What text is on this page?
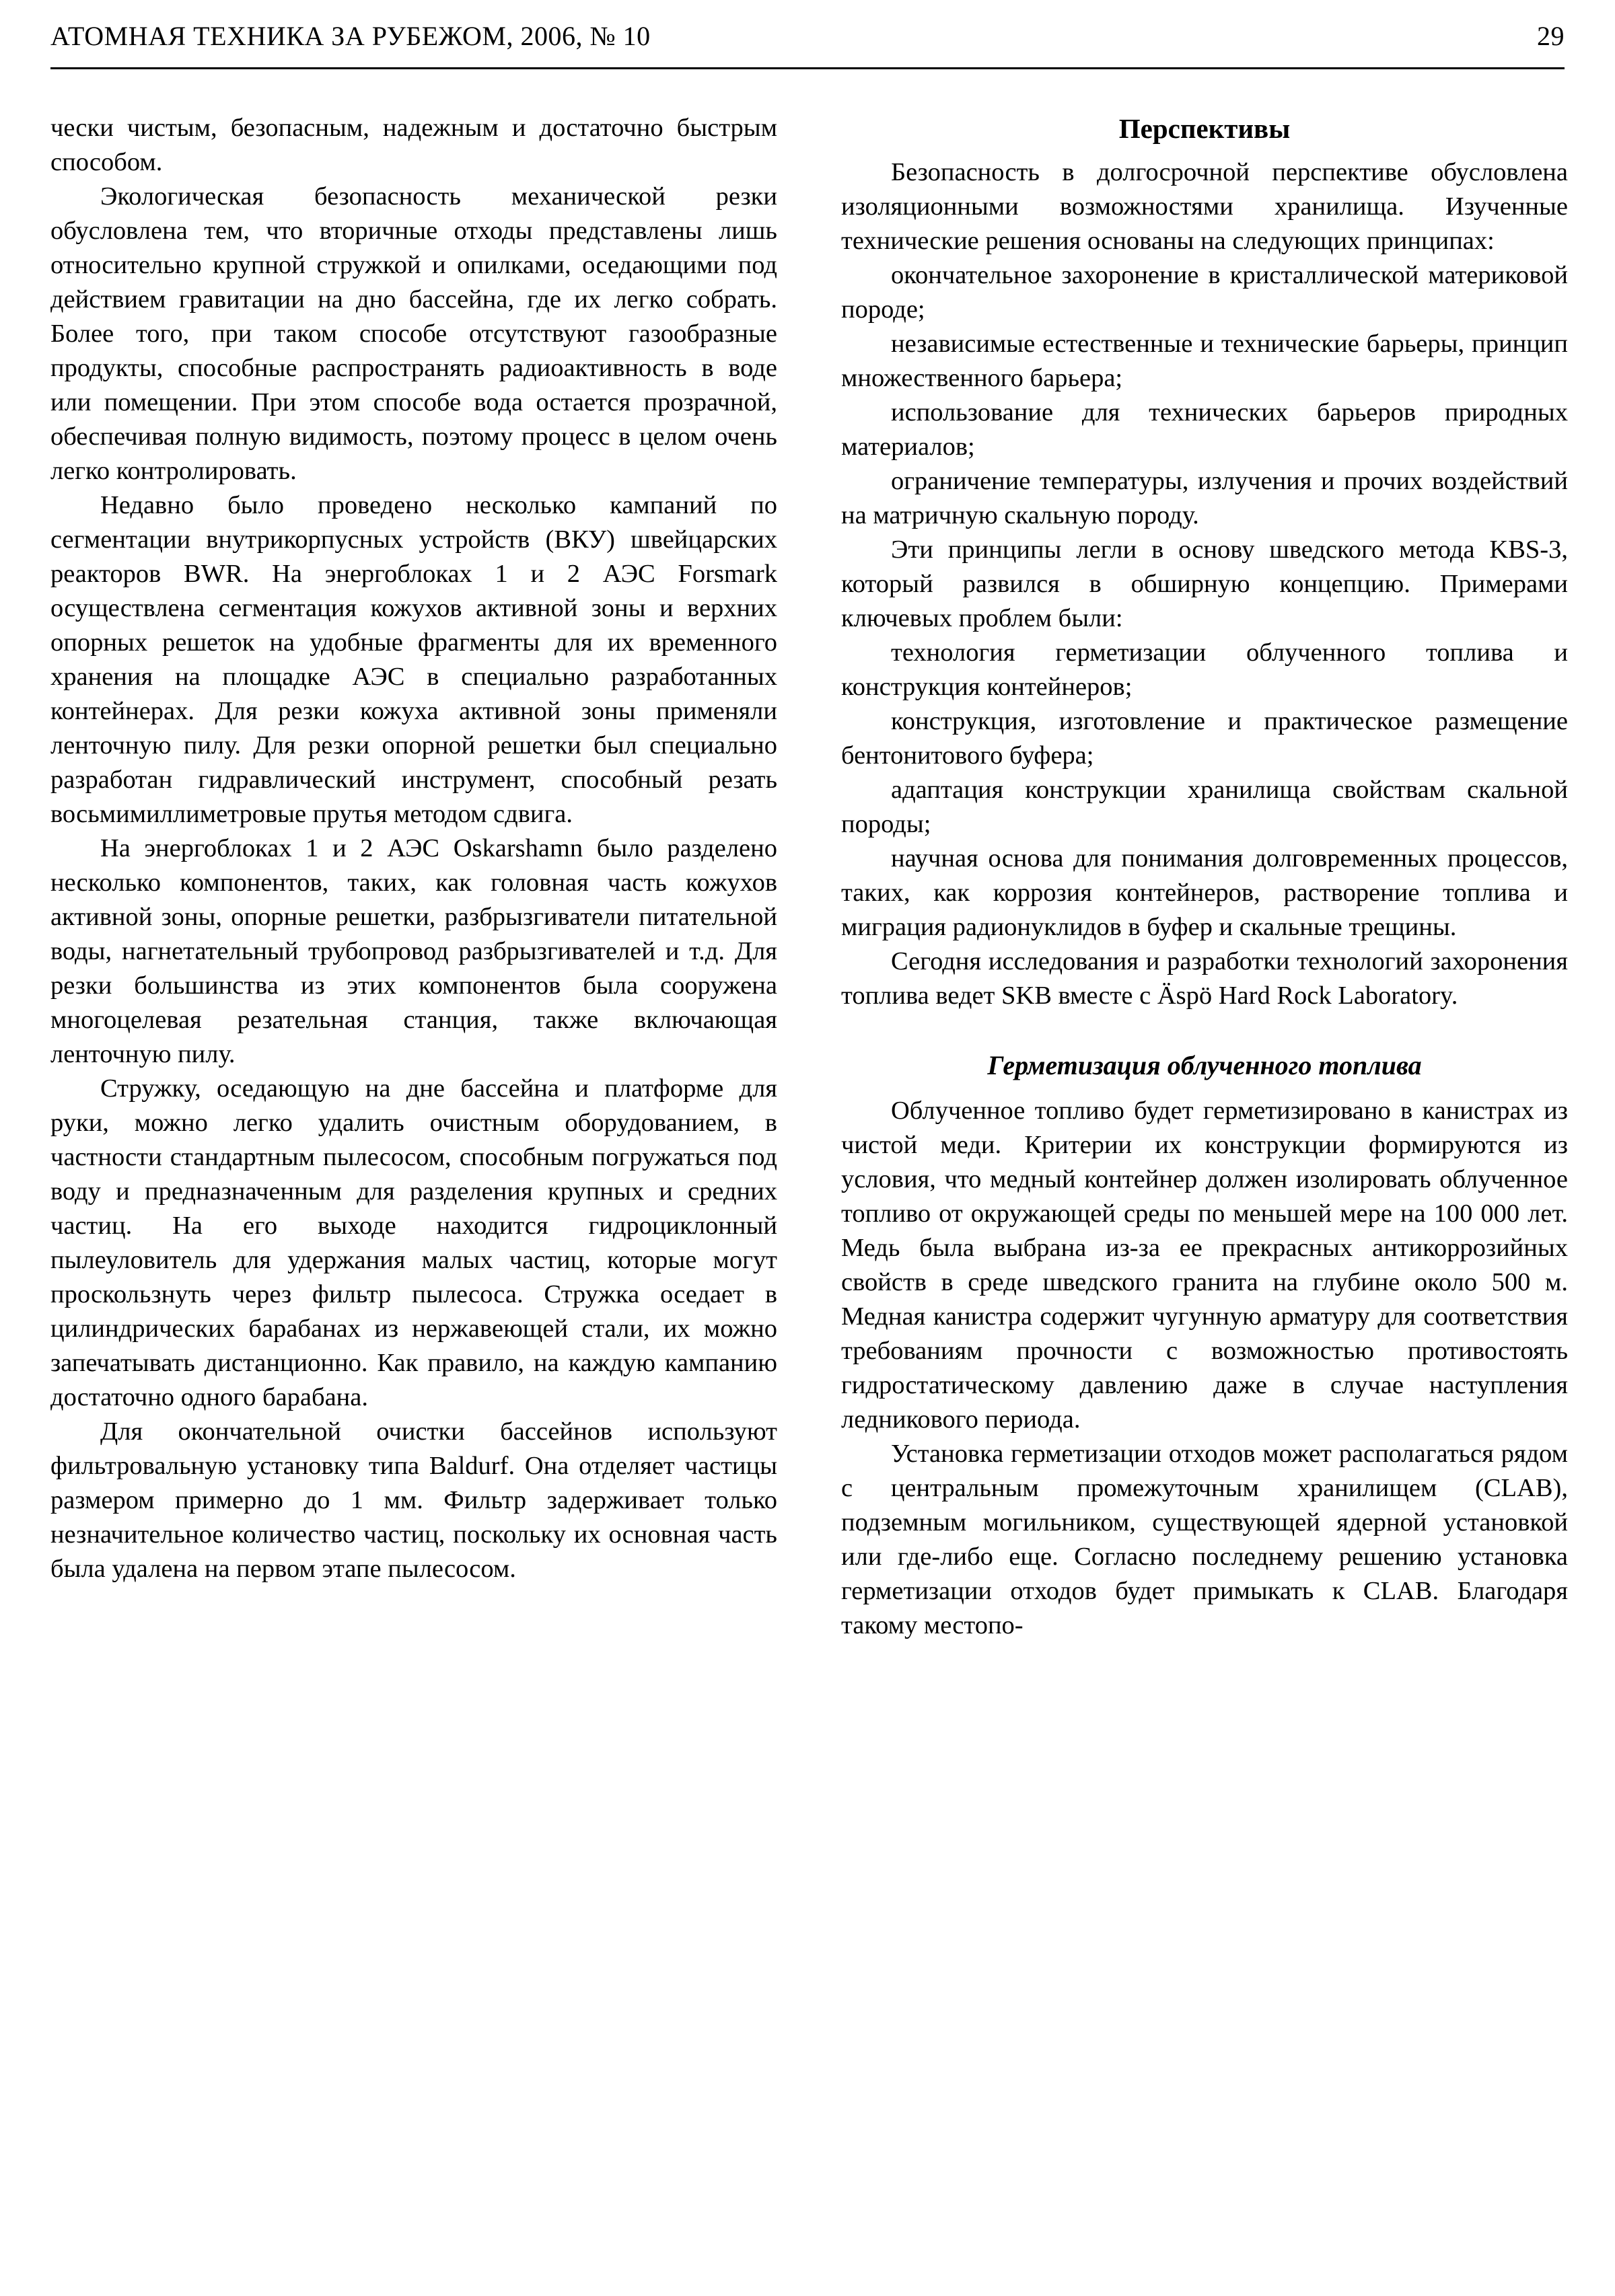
АТОМНАЯ ТЕХНИКА ЗА РУБЕЖОМ, 2006, № 10	29

чески чистым, безопасным, надежным и достаточно быстрым способом.

Экологическая безопасность механической резки обусловлена тем, что вторичные отходы представлены лишь относительно крупной стружкой и опилками, оседающими под действием гравитации на дно бассейна, где их легко собрать. Более того, при таком способе отсутствуют газообразные продукты, способные распространять радиоактивность в воде или помещении. При этом способе вода остается прозрачной, обеспечивая полную видимость, поэтому процесс в целом очень легко контролировать.

Недавно было проведено несколько кампаний по сегментации внутрикорпусных устройств (ВКУ) швейцарских реакторов BWR. На энергоблоках 1 и 2 АЭС Forsmark осуществлена сегментация кожухов активной зоны и верхних опорных решеток на удобные фрагменты для их временного хранения на площадке АЭС в специально разработанных контейнерах. Для резки кожуха активной зоны применяли ленточную пилу. Для резки опорной решетки был специально разработан гидравлический инструмент, способный резать восьмимиллиметровые прутья методом сдвига.

На энергоблоках 1 и 2 АЭС Oskarshamn было разделено несколько компонентов, таких, как головная часть кожухов активной зоны, опорные решетки, разбрызгиватели питательной воды, нагнетательный трубопровод разбрызгивателей и т.д. Для резки большинства из этих компонентов была сооружена многоцелевая резательная станция, также включающая ленточную пилу.

Стружку, оседающую на дне бассейна и платформе для руки, можно легко удалить очистным оборудованием, в частности стандартным пылесосом, способным погружаться под воду и предназначенным для разделения крупных и средних частиц. На его выходе находится гидроциклонный пылеуловитель для удержания малых частиц, которые могут проскользнуть через фильтр пылесоса. Стружка оседает в цилиндрических барабанах из нержавеющей стали, их можно запечатывать дистанционно. Как правило, на каждую кампанию достаточно одного барабана.

Для окончательной очистки бассейнов используют фильтровальную установку типа Baldurf. Она отделяет частицы размером примерно до 1 мм. Фильтр задерживает только незначительное количество частиц, поскольку их основная часть была удалена на первом этапе пылесосом.

Перспективы

Безопасность в долгосрочной перспективе обусловлена изоляционными возможностями хранилища. Изученные технические решения основаны на следующих принципах:

окончательное захоронение в кристаллической материковой породе;

независимые естественные и технические барьеры, принцип множественного барьера;

использование для технических барьеров природных материалов;

ограничение температуры, излучения и прочих воздействий на матричную скальную породу.

Эти принципы легли в основу шведского метода KBS-3, который развился в обширную концепцию. Примерами ключевых проблем были:

технология герметизации облученного топлива и конструкция контейнеров;

конструкция, изготовление и практическое размещение бентонитового буфера;

адаптация конструкции хранилища свойствам скальной породы;

научная основа для понимания долговременных процессов, таких, как коррозия контейнеров, растворение топлива и миграция радионуклидов в буфер и скальные трещины.

Сегодня исследования и разработки технологий захоронения топлива ведет SKB вместе с Äspö Hard Rock Laboratory.

Герметизация облученного топлива

Облученное топливо будет герметизировано в канистрах из чистой меди. Критерии их конструкции формируются из условия, что медный контейнер должен изолировать облученное топливо от окружающей среды по меньшей мере на 100 000 лет. Медь была выбрана из-за ее прекрасных антикоррозийных свойств в среде шведского гранита на глубине около 500 м. Медная канистра содержит чугунную арматуру для соответствия требованиям прочности с возможностью противостоять гидростатическому давлению даже в случае наступления ледникового периода.

Установка герметизации отходов может располагаться рядом с центральным промежуточным хранилищем (CLAB), подземным могильником, существующей ядерной установкой или где-либо еще. Согласно последнему решению установка герметизации отходов будет примыкать к CLAB. Благодаря такому местопо-
